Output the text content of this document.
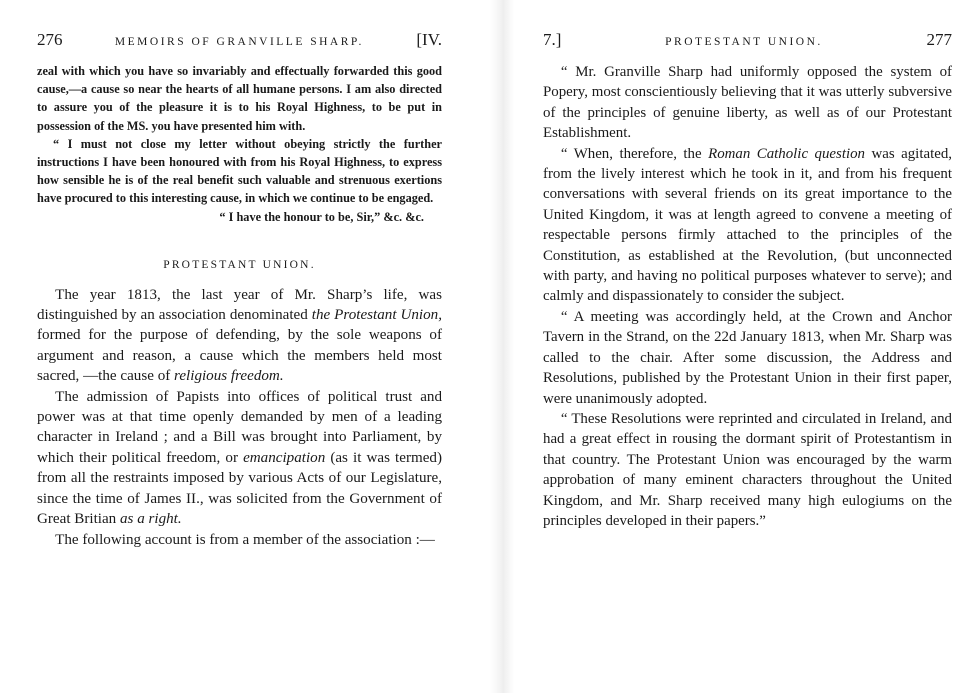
276	MEMOIRS OF GRANVILLE SHARP.	[IV.

zeal with which you have so invariably and effectually forwarded this good cause,—a cause so near the hearts of all humane persons. I am also directed to assure you of the pleasure it is to his Royal Highness, to be put in possession of the MS. you have presented him with.

“ I must not close my letter without obeying strictly the further instructions I have been honoured with from his Royal Highness, to express how sensible he is of the real benefit such valuable and strenuous exertions have procured to this interesting cause, in which we continue to be engaged.

“ I have the honour to be, Sir,” &c. &c.
PROTESTANT UNION.

The year 1813, the last year of Mr. Sharp’s life, was distinguished by an association denominated the Protestant Union, formed for the purpose of defending, by the sole weapons of argument and reason, a cause which the members held most sacred, —the cause of religious freedom.

The admission of Papists into offices of political trust and power was at that time openly demanded by men of a leading character in Ireland ; and a Bill was brought into Parliament, by which their political freedom, or emancipation (as it was termed) from all the restraints imposed by various Acts of our Legislature, since the time of James II., was solicited from the Government of Great Britian as a right.

The following account is from a member of the association :—

7.]	PROTESTANT UNION.	277

“ Mr. Granville Sharp had uniformly opposed the system of Popery, most conscientiously believing that it was utterly subversive of the principles of genuine liberty, as well as of our Protestant Establishment.

“ When, therefore, the Roman Catholic question was agitated, from the lively interest which he took in it, and from his frequent conversations with several friends on its great importance to the United Kingdom, it was at length agreed to convene a meeting of respectable persons firmly attached to the principles of the Constitution, as established at the Revolution, (but unconnected with party, and having no political purposes whatever to serve); and calmly and dispassionately to consider the subject.

“ A meeting was accordingly held, at the Crown and Anchor Tavern in the Strand, on the 22d January 1813, when Mr. Sharp was called to the chair. After some discussion, the Address and Resolutions, published by the Protestant Union in their first paper, were unanimously adopted.

“ These Resolutions were reprinted and circulated in Ireland, and had a great effect in rousing the dormant spirit of Protestantism in that country. The Protestant Union was encouraged by the warm approbation of many eminent characters throughout the United Kingdom, and Mr. Sharp received many high eulogiums on the principles developed in their papers.”
